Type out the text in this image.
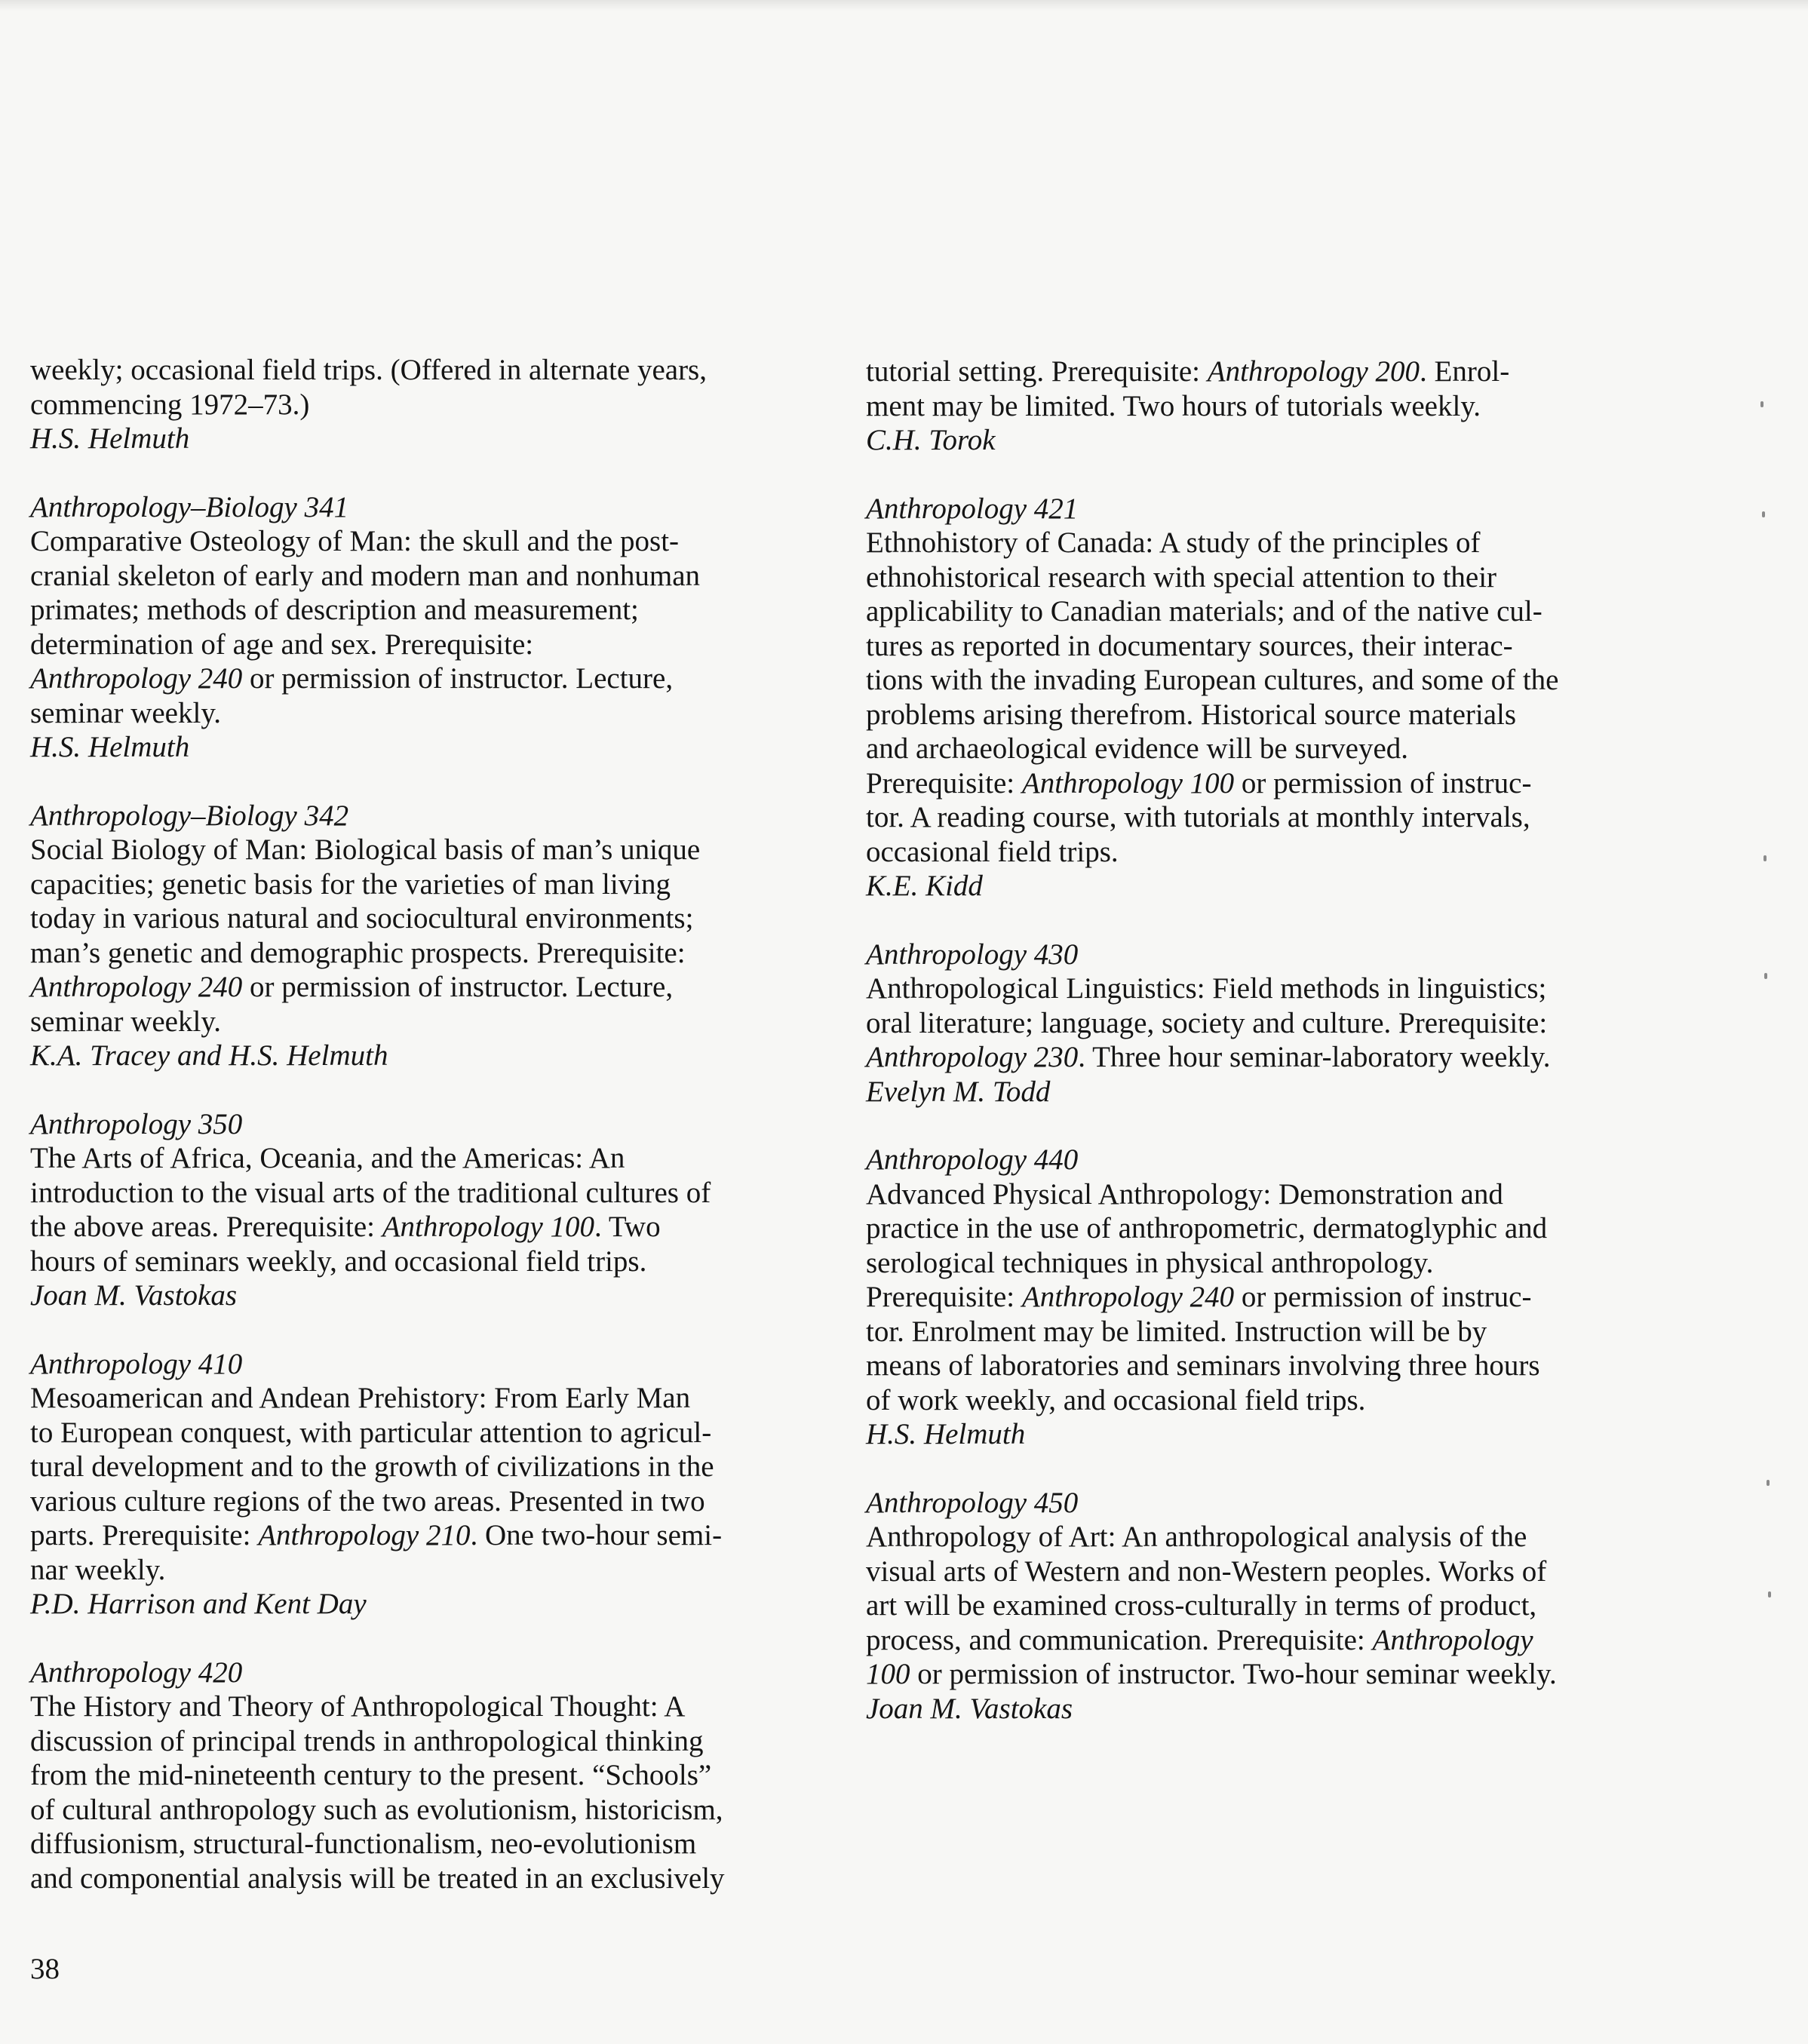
weekly; occasional field trips. (Offered in alternate years,
commencing 1972–73.)
H.S. Helmuth
Anthropology–Biology 341
Comparative Osteology of Man: the skull and the post-
cranial skeleton of early and modern man and nonhuman
primates; methods of description and measurement;
determination of age and sex. Prerequisite:
Anthropology 240 or permission of instructor. Lecture,
seminar weekly.
H.S. Helmuth
Anthropology–Biology 342
Social Biology of Man: Biological basis of man’s unique
capacities; genetic basis for the varieties of man living
today in various natural and sociocultural environments;
man’s genetic and demographic prospects. Prerequisite:
Anthropology 240 or permission of instructor. Lecture,
seminar weekly.
K.A. Tracey and H.S. Helmuth
Anthropology 350
The Arts of Africa, Oceania, and the Americas: An
introduction to the visual arts of the traditional cultures of
the above areas. Prerequisite: Anthropology 100. Two
hours of seminars weekly, and occasional field trips.
Joan M. Vastokas
Anthropology 410
Mesoamerican and Andean Prehistory: From Early Man
to European conquest, with particular attention to agricul-
tural development and to the growth of civilizations in the
various culture regions of the two areas. Presented in two
parts. Prerequisite: Anthropology 210. One two-hour semi-
nar weekly.
P.D. Harrison and Kent Day
Anthropology 420
The History and Theory of Anthropological Thought: A
discussion of principal trends in anthropological thinking
from the mid-nineteenth century to the present. “Schools”
of cultural anthropology such as evolutionism, historicism,
diffusionism, structural-functionalism, neo-evolutionism
and componential analysis will be treated in an exclusively
tutorial setting. Prerequisite: Anthropology 200. Enrol-
ment may be limited. Two hours of tutorials weekly.
C.H. Torok
Anthropology 421
Ethnohistory of Canada: A study of the principles of
ethnohistorical research with special attention to their
applicability to Canadian materials; and of the native cul-
tures as reported in documentary sources, their interac-
tions with the invading European cultures, and some of the
problems arising therefrom. Historical source materials
and archaeological evidence will be surveyed.
Prerequisite: Anthropology 100 or permission of instruc-
tor. A reading course, with tutorials at monthly intervals,
occasional field trips.
K.E. Kidd
Anthropology 430
Anthropological Linguistics: Field methods in linguistics;
oral literature; language, society and culture. Prerequisite:
Anthropology 230. Three hour seminar-laboratory weekly.
Evelyn M. Todd
Anthropology 440
Advanced Physical Anthropology: Demonstration and
practice in the use of anthropometric, dermatoglyphic and
serological techniques in physical anthropology.
Prerequisite: Anthropology 240 or permission of instruc-
tor. Enrolment may be limited. Instruction will be by
means of laboratories and seminars involving three hours
of work weekly, and occasional field trips.
H.S. Helmuth
Anthropology 450
Anthropology of Art: An anthropological analysis of the
visual arts of Western and non-Western peoples. Works of
art will be examined cross-culturally in terms of product,
process, and communication. Prerequisite: Anthropology
100 or permission of instructor. Two-hour seminar weekly.
Joan M. Vastokas
38
